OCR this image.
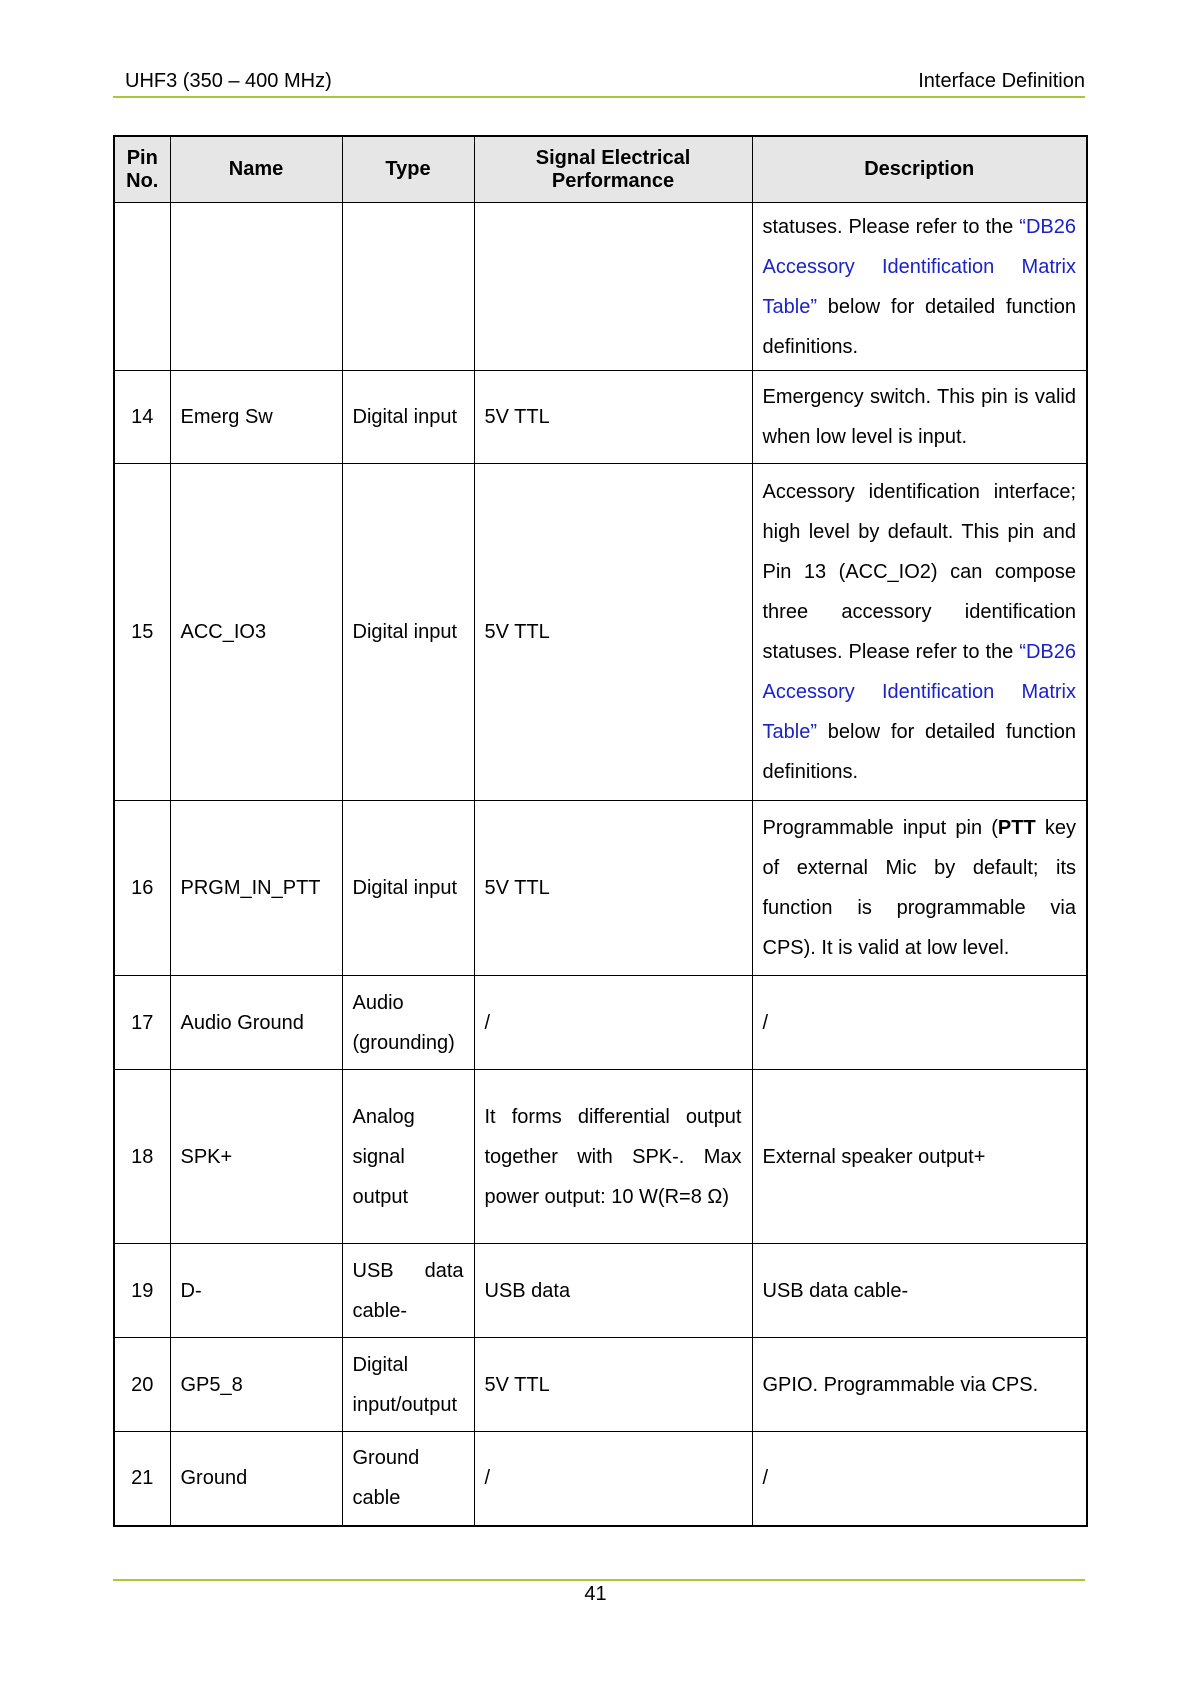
UHF3 (350 – 400 MHz)	Interface Definition
Pin No.	Name	Type	Signal Electrical Performance	Description
				statuses. Please refer to the “DB26 Accessory Identification Matrix Table” below for detailed function definitions.
14	Emerg Sw	Digital input	5V TTL	Emergency switch. This pin is valid when low level is input.
15	ACC_IO3	Digital input	5V TTL	Accessory identification interface; high level by default. This pin and Pin 13 (ACC_IO2) can compose three accessory identification statuses. Please refer to the “DB26 Accessory Identification Matrix Table” below for detailed function definitions.
16	PRGM_IN_PTT	Digital input	5V TTL	Programmable input pin (PTT key of external Mic by default; its function is programmable via CPS). It is valid at low level.
17	Audio Ground	Audio (grounding)	/	/
18	SPK+	Analog signal output	It forms differential output together with SPK-. Max power output: 10 W(R=8 Ω)	External speaker output+
19	D-	USB data cable-	USB data	USB data cable-
20	GP5_8	Digital input/output	5V TTL	GPIO. Programmable via CPS.
21	Ground	Ground cable	/	/
41
